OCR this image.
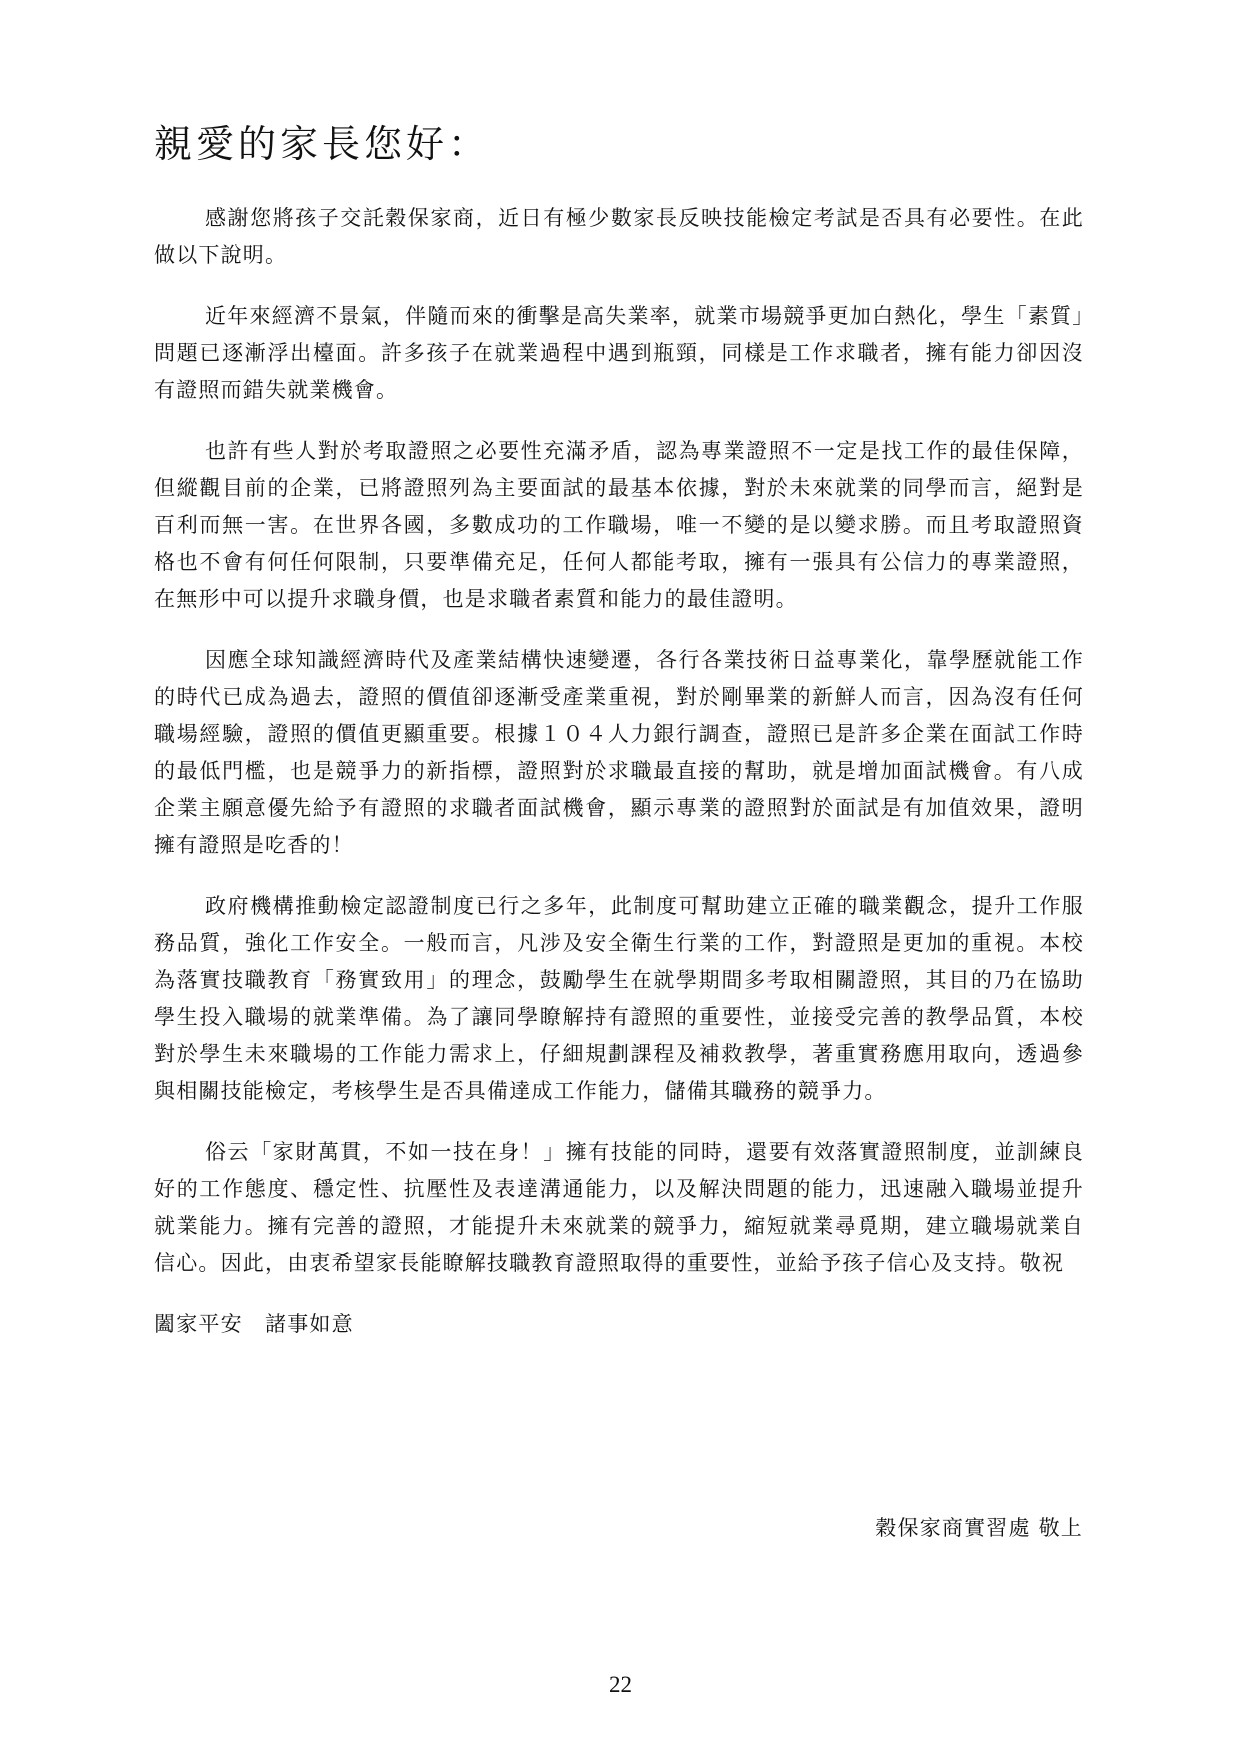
親愛的家長您好：

感謝您將孩子交託穀保家商，近日有極少數家長反映技能檢定考試是否具有必要性。在此做以下說明。

近年來經濟不景氣，伴隨而來的衝擊是高失業率，就業市場競爭更加白熱化，學生「素質」問題已逐漸浮出檯面。許多孩子在就業過程中遇到瓶頸，同樣是工作求職者，擁有能力卻因沒有證照而錯失就業機會。

也許有些人對於考取證照之必要性充滿矛盾，認為專業證照不一定是找工作的最佳保障，但縱觀目前的企業，已將證照列為主要面試的最基本依據，對於未來就業的同學而言，絕對是百利而無一害。在世界各國，多數成功的工作職場，唯一不變的是以變求勝。而且考取證照資格也不會有何任何限制，只要準備充足，任何人都能考取，擁有一張具有公信力的專業證照，在無形中可以提升求職身價，也是求職者素質和能力的最佳證明。

因應全球知識經濟時代及產業結構快速變遷，各行各業技術日益專業化，靠學歷就能工作的時代已成為過去，證照的價值卻逐漸受產業重視，對於剛畢業的新鮮人而言，因為沒有任何職場經驗，證照的價值更顯重要。根據１０４人力銀行調查，證照已是許多企業在面試工作時的最低門檻，也是競爭力的新指標，證照對於求職最直接的幫助，就是增加面試機會。有八成企業主願意優先給予有證照的求職者面試機會，顯示專業的證照對於面試是有加值效果，證明擁有證照是吃香的！

政府機構推動檢定認證制度已行之多年，此制度可幫助建立正確的職業觀念，提升工作服務品質，強化工作安全。一般而言，凡涉及安全衛生行業的工作，對證照是更加的重視。本校為落實技職教育「務實致用」的理念，鼓勵學生在就學期間多考取相關證照，其目的乃在協助學生投入職場的就業準備。為了讓同學瞭解持有證照的重要性，並接受完善的教學品質，本校對於學生未來職場的工作能力需求上，仔細規劃課程及補救教學，著重實務應用取向，透過參與相關技能檢定，考核學生是否具備達成工作能力，儲備其職務的競爭力。

俗云「家財萬貫，不如一技在身！」擁有技能的同時，還要有效落實證照制度，並訓練良好的工作態度、穩定性、抗壓性及表達溝通能力，以及解決問題的能力，迅速融入職場並提升就業能力。擁有完善的證照，才能提升未來就業的競爭力，縮短就業尋覓期，建立職場就業自信心。因此，由衷希望家長能瞭解技職教育證照取得的重要性，並給予孩子信心及支持。敬祝

闔家平安　諸事如意

穀保家商實習處 敬上
22
